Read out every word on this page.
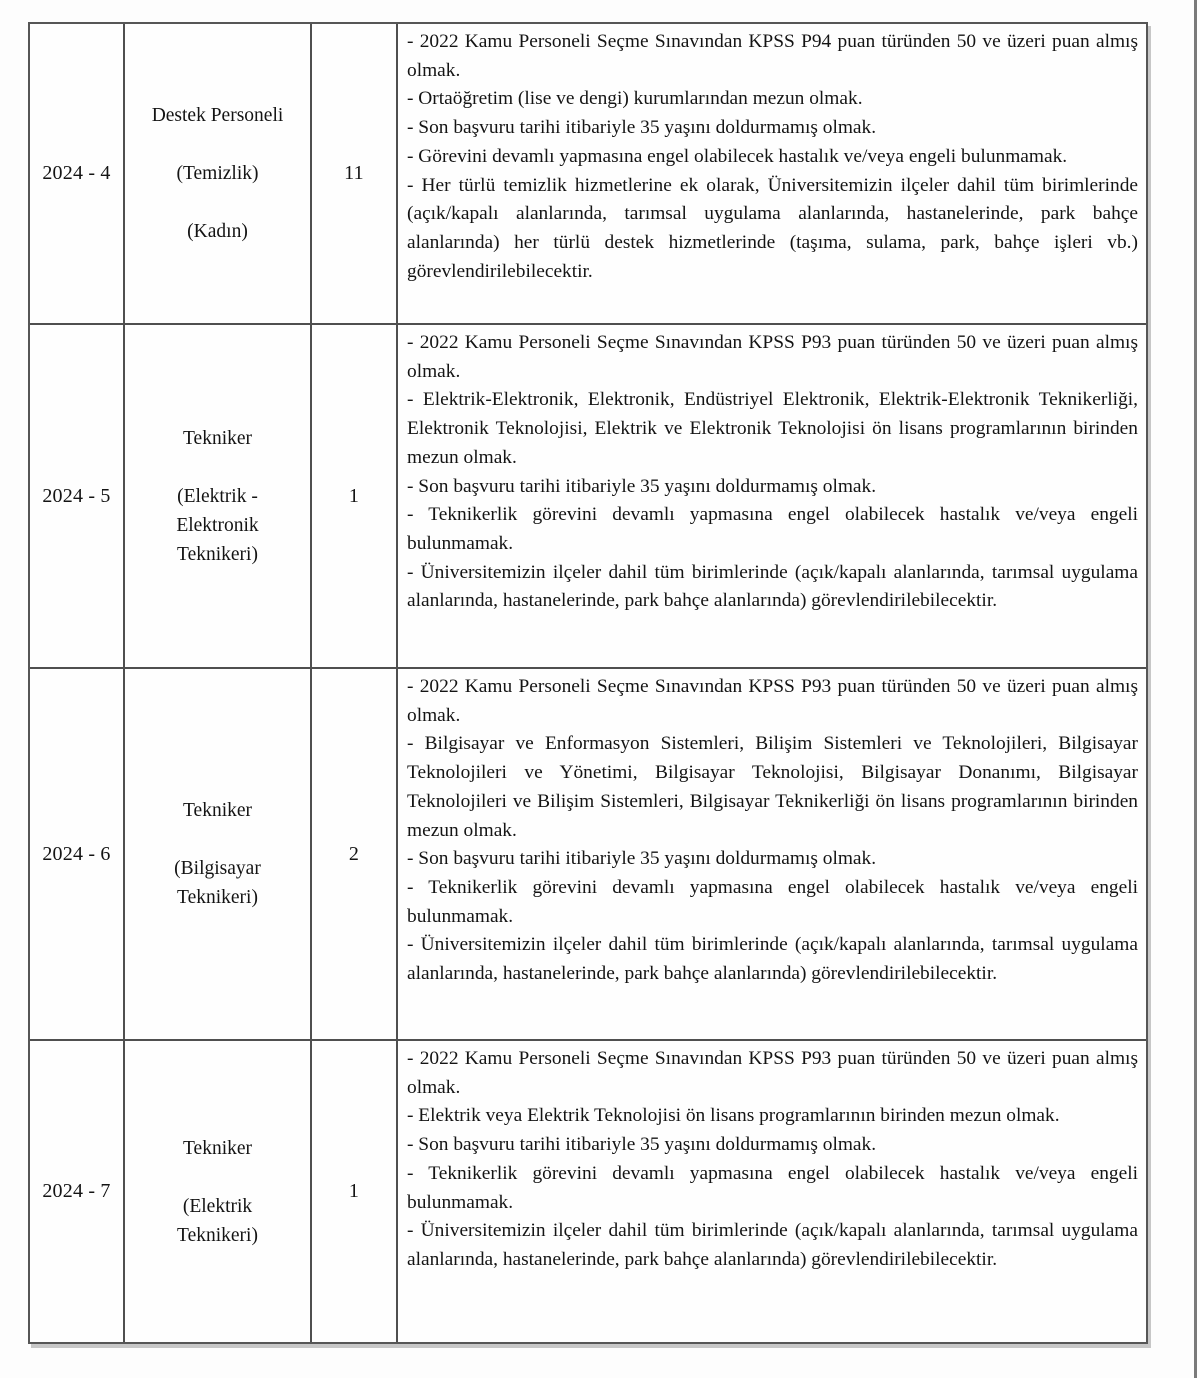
2024 - 4
Destek Personeli
(Temizlik)
(Kadın)
11

- 2022 Kamu Personeli Seçme Sınavından KPSS P94 puan türünden 50 ve üzeri puan almış olmak.

- Ortaöğretim (lise ve dengi) kurumlarından mezun olmak.

- Son başvuru tarihi itibariyle 35 yaşını doldurmamış olmak.

- Görevini devamlı yapmasına engel olabilecek hastalık ve/veya engeli bulunmamak.

- Her türlü temizlik hizmetlerine ek olarak, Üniversitemizin ilçeler dahil tüm birimlerinde (açık/kapalı alanlarında, tarımsal uygulama alanlarında, hastanelerinde, park bahçe alanlarında) her türlü destek hizmetlerinde (taşıma, sulama, park, bahçe işleri vb.) görevlendirilebilecektir.

2024 - 5
Tekniker
(Elektrik -
Elektronik
Teknikeri)
1

- 2022 Kamu Personeli Seçme Sınavından KPSS P93 puan türünden 50 ve üzeri puan almış olmak.

- Elektrik-Elektronik, Elektronik, Endüstriyel Elektronik, Elektrik-Elektronik Teknikerliği, Elektronik Teknolojisi, Elektrik ve Elektronik Teknolojisi ön lisans programlarının birinden mezun olmak.

- Son başvuru tarihi itibariyle 35 yaşını doldurmamış olmak.

- Teknikerlik görevini devamlı yapmasına engel olabilecek hastalık ve/veya engeli bulunmamak.

- Üniversitemizin ilçeler dahil tüm birimlerinde (açık/kapalı alanlarında, tarımsal uygulama alanlarında, hastanelerinde, park bahçe alanlarında) görevlendirilebilecektir.

2024 - 6
Tekniker
(Bilgisayar
Teknikeri)
2

- 2022 Kamu Personeli Seçme Sınavından KPSS P93 puan türünden 50 ve üzeri puan almış olmak.

- Bilgisayar ve Enformasyon Sistemleri, Bilişim Sistemleri ve Teknolojileri, Bilgisayar Teknolojileri ve Yönetimi, Bilgisayar Teknolojisi, Bilgisayar Donanımı, Bilgisayar Teknolojileri ve Bilişim Sistemleri, Bilgisayar Teknikerliği ön lisans programlarının birinden mezun olmak.

- Son başvuru tarihi itibariyle 35 yaşını doldurmamış olmak.

- Teknikerlik görevini devamlı yapmasına engel olabilecek hastalık ve/veya engeli bulunmamak.

- Üniversitemizin ilçeler dahil tüm birimlerinde (açık/kapalı alanlarında, tarımsal uygulama alanlarında, hastanelerinde, park bahçe alanlarında) görevlendirilebilecektir.

2024 - 7
Tekniker
(Elektrik
Teknikeri)
1

- 2022 Kamu Personeli Seçme Sınavından KPSS P93 puan türünden 50 ve üzeri puan almış olmak.

- Elektrik veya Elektrik Teknolojisi ön lisans programlarının birinden mezun olmak.

- Son başvuru tarihi itibariyle 35 yaşını doldurmamış olmak.

- Teknikerlik görevini devamlı yapmasına engel olabilecek hastalık ve/veya engeli bulunmamak.

- Üniversitemizin ilçeler dahil tüm birimlerinde (açık/kapalı alanlarında, tarımsal uygulama alanlarında, hastanelerinde, park bahçe alanlarında) görevlendirilebilecektir.
